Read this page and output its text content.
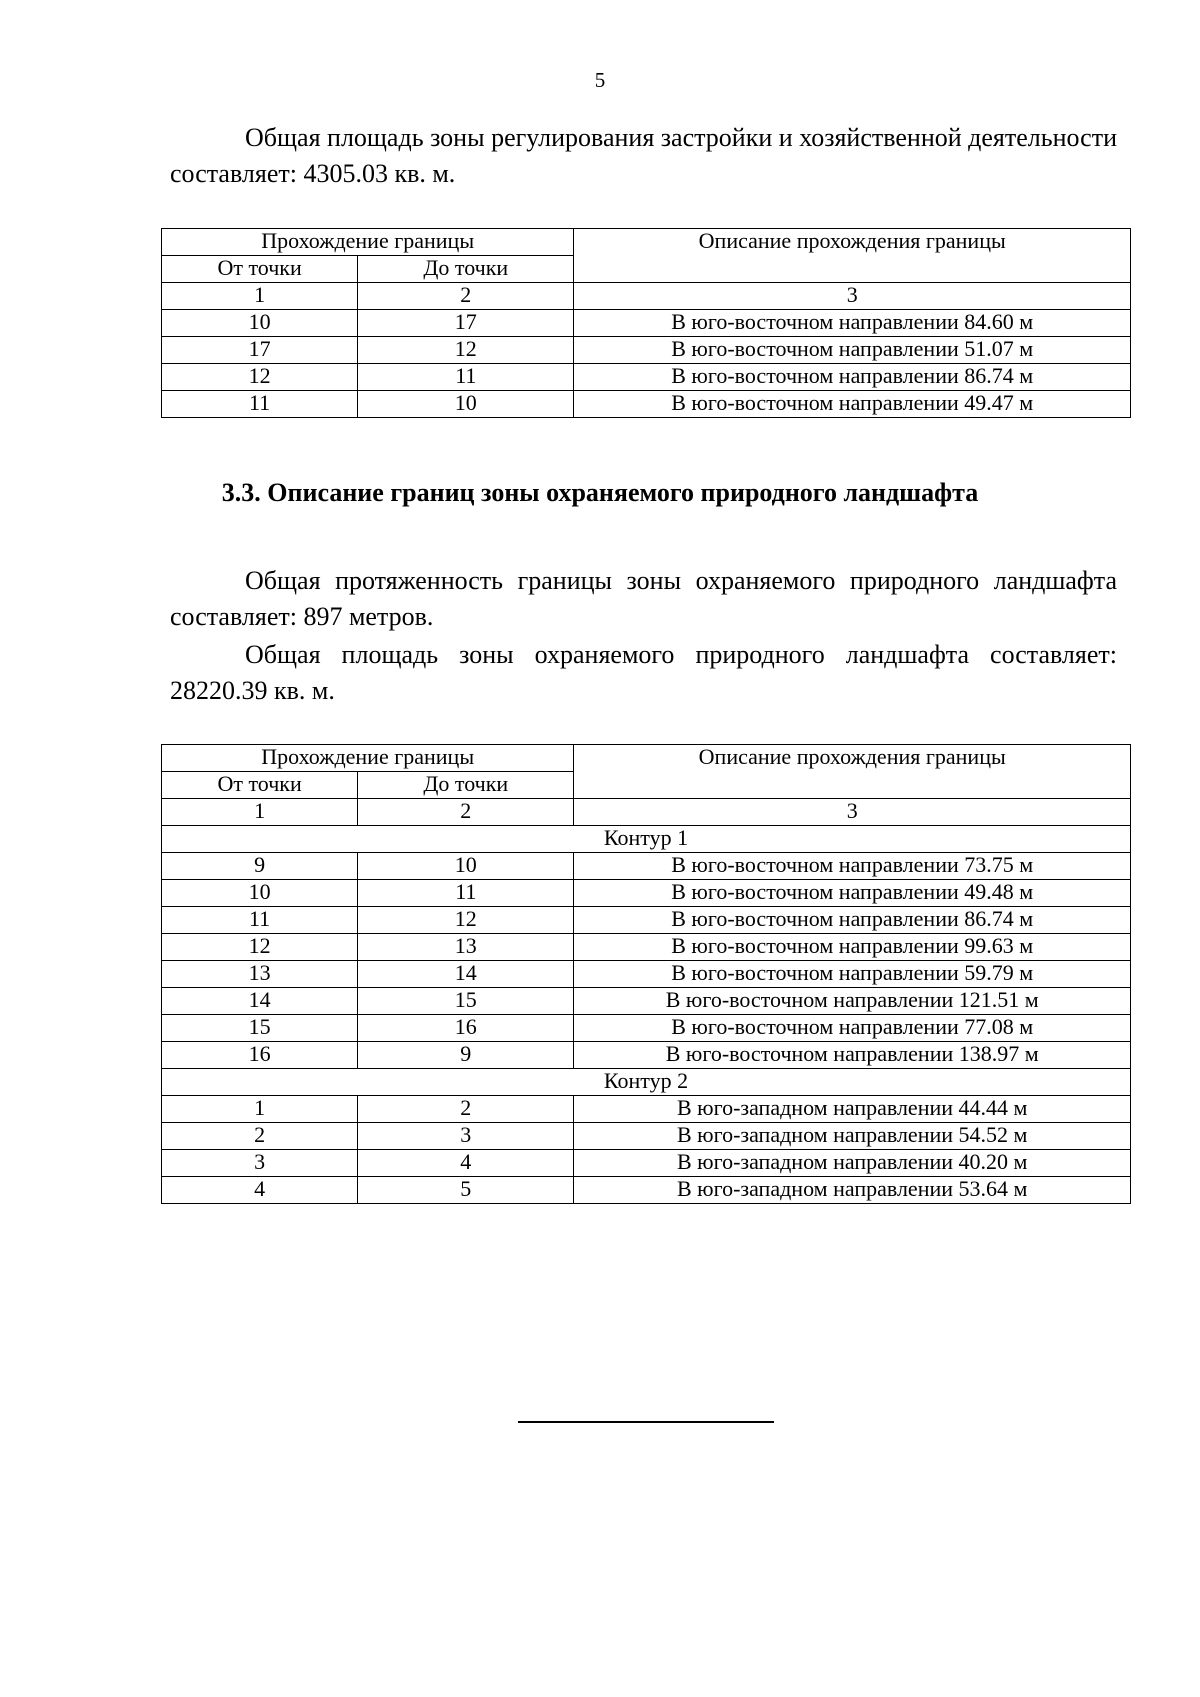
5

Общая площадь зоны регулирования застройки и хозяйственной деятельности составляет: 4305.03 кв. м.

Прохождение границы		Описание прохождения границы
От точки	До точки	
1	2	3
10	17	В юго-восточном направлении 84.60 м
17	12	В юго-восточном направлении 51.07 м
12	11	В юго-восточном направлении 86.74 м
11	10	В юго-восточном направлении 49.47 м
3.3. Описание границ зоны охраняемого природного ландшафта

Общая протяженность границы зоны охраняемого природного ландшафта составляет: 897 метров.

Общая площадь зоны охраняемого природного ландшафта составляет: 28220.39 кв. м.

Прохождение границы		Описание прохождения границы
От точки	До точки	
1	2	3
Контур 1		
9	10	В юго-восточном направлении 73.75 м
10	11	В юго-восточном направлении 49.48 м
11	12	В юго-восточном направлении 86.74 м
12	13	В юго-восточном направлении 99.63 м
13	14	В юго-восточном направлении 59.79 м
14	15	В юго-восточном направлении 121.51 м
15	16	В юго-восточном направлении 77.08 м
16	9	В юго-восточном направлении 138.97 м
Контур 2		
1	2	В юго-западном направлении 44.44 м
2	3	В юго-западном направлении 54.52 м
3	4	В юго-западном направлении 40.20 м
4	5	В юго-западном направлении 53.64 м
